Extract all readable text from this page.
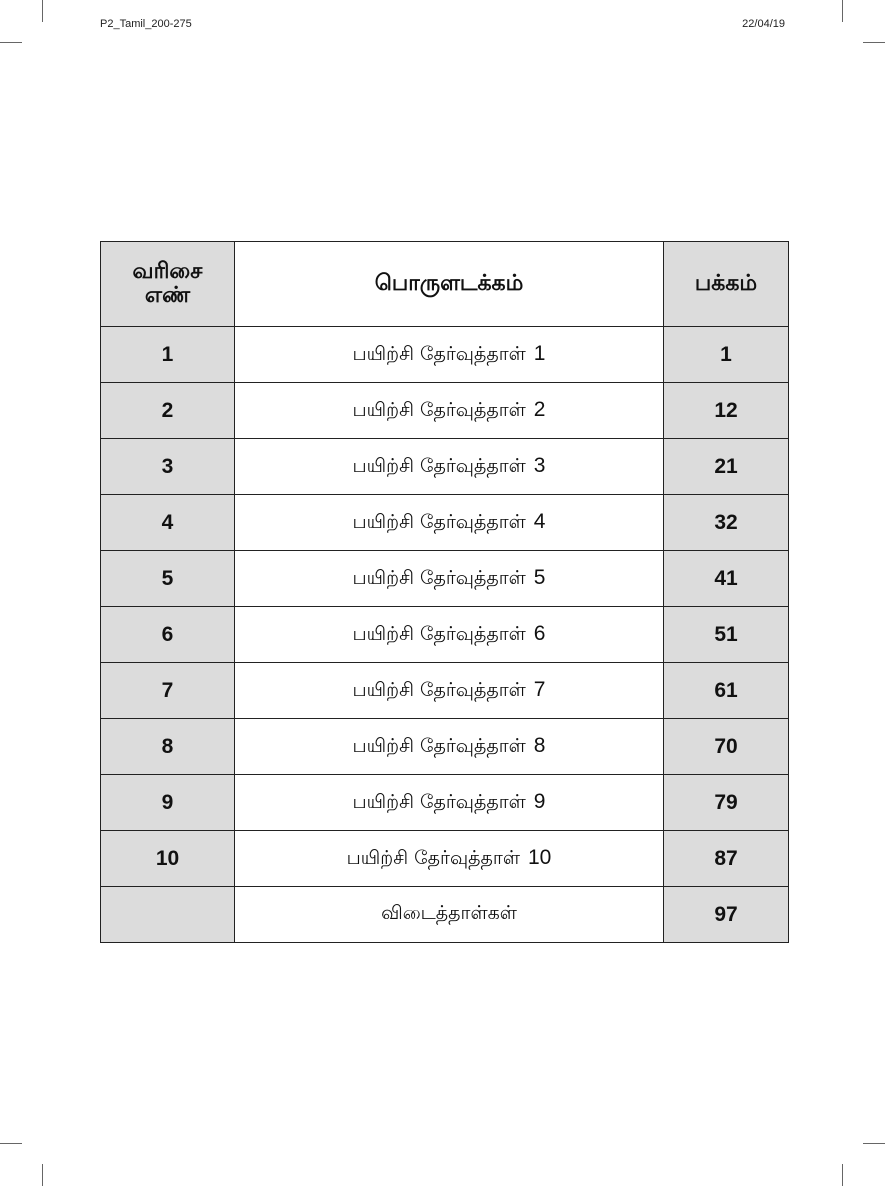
P2_Tamil_200-275	22/04/19
வரிசை எண்	பொருளடக்கம்	பக்கம்
1	பயிற்சி தேர்வுத்தாள் 1	1
2	பயிற்சி தேர்வுத்தாள் 2	12
3	பயிற்சி தேர்வுத்தாள் 3	21
4	பயிற்சி தேர்வுத்தாள் 4	32
5	பயிற்சி தேர்வுத்தாள் 5	41
6	பயிற்சி தேர்வுத்தாள் 6	51
7	பயிற்சி தேர்வுத்தாள் 7	61
8	பயிற்சி தேர்வுத்தாள் 8	70
9	பயிற்சி தேர்வுத்தாள் 9	79
10	பயிற்சி தேர்வுத்தாள் 10	87
	விடைத்தாள்கள்	97
